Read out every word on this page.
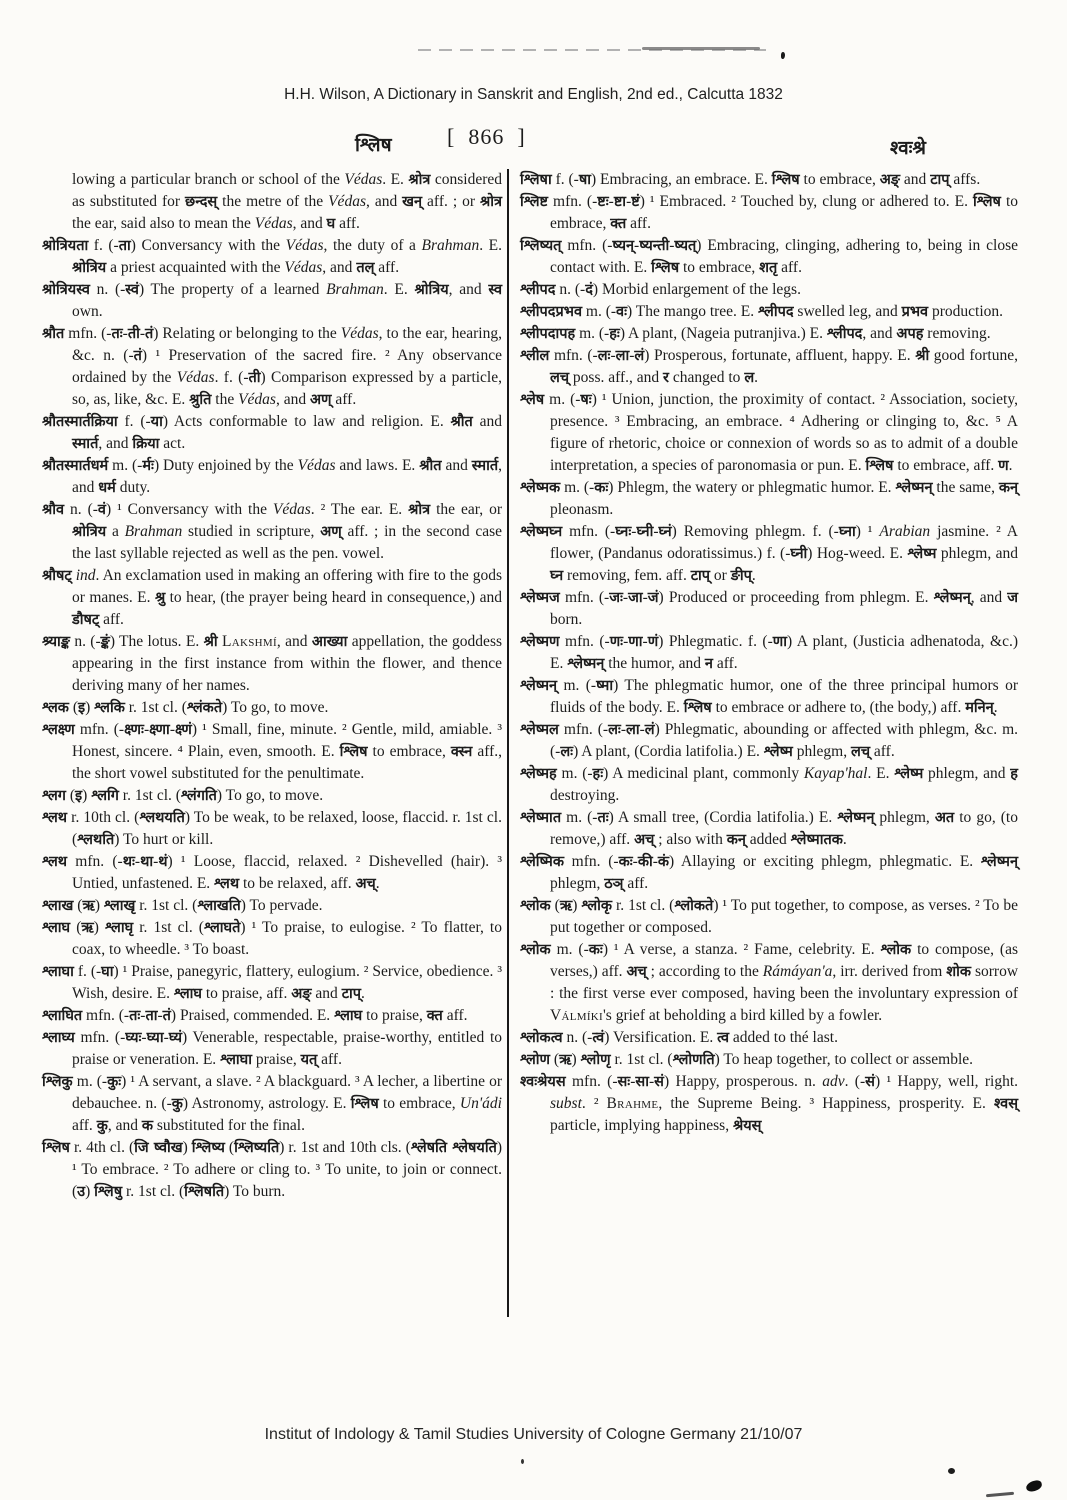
H.H. Wilson, A Dictionary in Sanskrit and English, 2nd ed., Calcutta 1832
श्लिष	[  866  ]	श्वःश्रे
lowing a particular branch or school of the Védas. E. श्रोत्र considered as substituted for छन्दस् the metre of the Védas, and खन् aff. ; or श्रोत्र the ear, said also to mean the Védas, and घ aff.
श्रोत्रियता f. (-ता) Conversancy with the Védas, the duty of a Brahman. E. श्रोत्रिय a priest acquainted with the Védas, and तल् aff.
श्रोत्रियस्व n. (-स्वं) The property of a learned Brahman. E. श्रोत्रिय, and स्व own.
श्रौत mfn. (-तः-ती-तं) Relating or belonging to the Védas, to the ear, hearing, &c. n. (-तं) ¹ Preservation of the sacred fire. ² Any observance ordained by the Védas. f. (-ती) Comparison expressed by a particle, so, as, like, &c. E. श्रुति the Védas, and अण् aff.
श्रौतस्मार्तक्रिया f. (-या) Acts conformable to law and religion. E. श्रौत and स्मार्त, and क्रिया act.
श्रौतस्मार्तधर्म m. (-र्मः) Duty enjoined by the Védas and laws. E. श्रौत and स्मार्त, and धर्म duty.
श्रौव n. (-वं) ¹ Conversancy with the Védas. ² The ear. E. श्रोत्र the ear, or श्रोत्रिय a Brahman studied in scripture, अण् aff. ; in the second case the last syllable rejected as well as the pen. vowel.
श्रौषट् ind. An exclamation used in making an offering with fire to the gods or manes. E. श्रु to hear, (the prayer being heard in consequence,) and डौषट् aff.
श्र्याङ्क n. (-ङ्कं) The lotus. E. श्री Lakshmí, and आख्या appellation, the goddess appearing in the first instance from within the flower, and thence deriving many of her names.
श्लक (इ) श्लकि r. 1st cl. (श्लंकते) To go, to move.
श्लक्ष्ण mfn. (-क्ष्णः-क्ष्णा-क्ष्णं) ¹ Small, fine, minute. ² Gentle, mild, amiable. ³ Honest, sincere. ⁴ Plain, even, smooth. E. श्लिष to embrace, क्स्न aff., the short vowel substituted for the penultimate.
श्लग (इ) श्लगि r. 1st cl. (श्लंगति) To go, to move.
श्लथ r. 10th cl. (श्लथयति) To be weak, to be relaxed, loose, flaccid. r. 1st cl. (श्लथति) To hurt or kill.
श्लथ mfn. (-थः-था-थं) ¹ Loose, flaccid, relaxed. ² Dishevelled (hair). ³ Untied, unfastened. E. श्लथ to be relaxed, aff. अच्.
श्लाख (ऋ) श्लाखृ r. 1st cl. (श्लाखति) To pervade.
श्लाघ (ऋ) श्लाघृ r. 1st cl. (श्लाघते) ¹ To praise, to eulogise. ² To flatter, to coax, to wheedle. ³ To boast.
श्लाघा f. (-घा) ¹ Praise, panegyric, flattery, eulogium. ² Service, obedience. ³ Wish, desire. E. श्लाघ to praise, aff. अङ् and टाप्.
श्लाघित mfn. (-तः-ता-तं) Praised, commended. E. श्लाघ to praise, क्त aff.
श्लाघ्य mfn. (-घ्यः-घ्या-घ्यं) Venerable, respectable, praise-worthy, entitled to praise or veneration. E. श्लाघा praise, यत् aff.
श्लिकु m. (-कुः) ¹ A servant, a slave. ² A blackguard. ³ A lecher, a libertine or debauchee. n. (-कु) Astronomy, astrology. E. श्लिष to embrace, Un'ádi aff. कु, and क substituted for the final.
श्लिष r. 4th cl. (जि ष्वौख) श्लिष्य (श्लिष्यति) r. 1st and 10th cls. (श्लेषति श्लेषयति) ¹ To embrace. ² To adhere or cling to. ³ To unite, to join or connect. (उ) श्लिषु r. 1st cl. (श्लिषति) To burn.
श्लिषा f. (-षा) Embracing, an embrace. E. श्लिष to embrace, अङ् and टाप् affs.
श्लिष्ट mfn. (-ष्टः-ष्टा-ष्टं) ¹ Embraced. ² Touched by, clung or adhered to. E. श्लिष to embrace, क्त aff.
श्लिष्यत् mfn. (-ष्यन्-ष्यन्ती-ष्यत्) Embracing, clinging, adhering to, being in close contact with. E. श्लिष to embrace, शतृ aff.
श्लीपद n. (-दं) Morbid enlargement of the legs.
श्लीपदप्रभव m. (-वः) The mango tree. E. श्लीपद swelled leg, and प्रभव production.
श्लीपदापह m. (-हः) A plant, (Nageia putranjiva.) E. श्लीपद, and अपह removing.
श्लील mfn. (-लः-ला-लं) Prosperous, fortunate, affluent, happy. E. श्री good fortune, लच् poss. aff., and र changed to ल.
श्लेष m. (-षः) ¹ Union, junction, the proximity of contact. ² Association, society, presence. ³ Embracing, an embrace. ⁴ Adhering or clinging to, &c. ⁵ A figure of rhetoric, choice or connexion of words so as to admit of a double interpretation, a species of paronomasia or pun. E. श्लिष to embrace, aff. ण.
श्लेष्मक m. (-कः) Phlegm, the watery or phlegmatic humor. E. श्लेष्मन् the same, कन् pleonasm.
श्लेष्मघ्न mfn. (-घ्नः-घ्नी-घ्नं) Removing phlegm. f. (-घ्ना) ¹ Arabian jasmine. ² A flower, (Pandanus odoratissimus.) f. (-घ्नी) Hog-weed. E. श्लेष्म phlegm, and घ्न removing, fem. aff. टाप् or ङीप्.
श्लेष्मज mfn. (-जः-जा-जं) Produced or proceeding from phlegm. E. श्लेष्मन्, and ज born.
श्लेष्मण mfn. (-णः-णा-णं) Phlegmatic. f. (-णा) A plant, (Justicia adhenatoda, &c.) E. श्लेष्मन् the humor, and न aff.
श्लेष्मन् m. (-ष्मा) The phlegmatic humor, one of the three principal humors or fluids of the body. E. श्लिष to embrace or adhere to, (the body,) aff. मनिन्.
श्लेष्मल mfn. (-लः-ला-लं) Phlegmatic, abounding or affected with phlegm, &c. m. (-लः) A plant, (Cordia latifolia.) E. श्लेष्म phlegm, लच् aff.
श्लेष्मह m. (-हः) A medicinal plant, commonly Kayap'hal. E. श्लेष्म phlegm, and ह destroying.
श्लेष्मात m. (-तः) A small tree, (Cordia latifolia.) E. श्लेष्मन् phlegm, अत to go, (to remove,) aff. अच् ; also with कन् added श्लेष्मातक.
श्लेष्मिक mfn. (-कः-की-कं) Allaying or exciting phlegm, phlegmatic. E. श्लेष्मन् phlegm, ठञ् aff.
श्लोक (ऋ) श्लोकृ r. 1st cl. (श्लोकते) ¹ To put together, to compose, as verses. ² To be put together or composed.
श्लोक m. (-कः) ¹ A verse, a stanza. ² Fame, celebrity. E. श्लोक to compose, (as verses,) aff. अच् ; according to the Rámáyan'a, irr. derived from शोक sorrow : the first verse ever composed, having been the involuntary expression of Válmíki's grief at beholding a bird killed by a fowler.
श्लोकत्व n. (-त्वं) Versification. E. त्व added to thé last.
श्लोण (ऋ) श्लोणृ r. 1st cl. (श्लोणति) To heap together, to collect or assemble.
श्वःश्रेयस mfn. (-सः-सा-सं) Happy, prosperous. n. adv. (-सं) ¹ Happy, well, right. subst. ² Brahme, the Supreme Being. ³ Happiness, prosperity. E. श्वस् particle, implying happiness, श्रेयस्
Institut of Indology & Tamil Studies University of Cologne Germany 21/10/07
